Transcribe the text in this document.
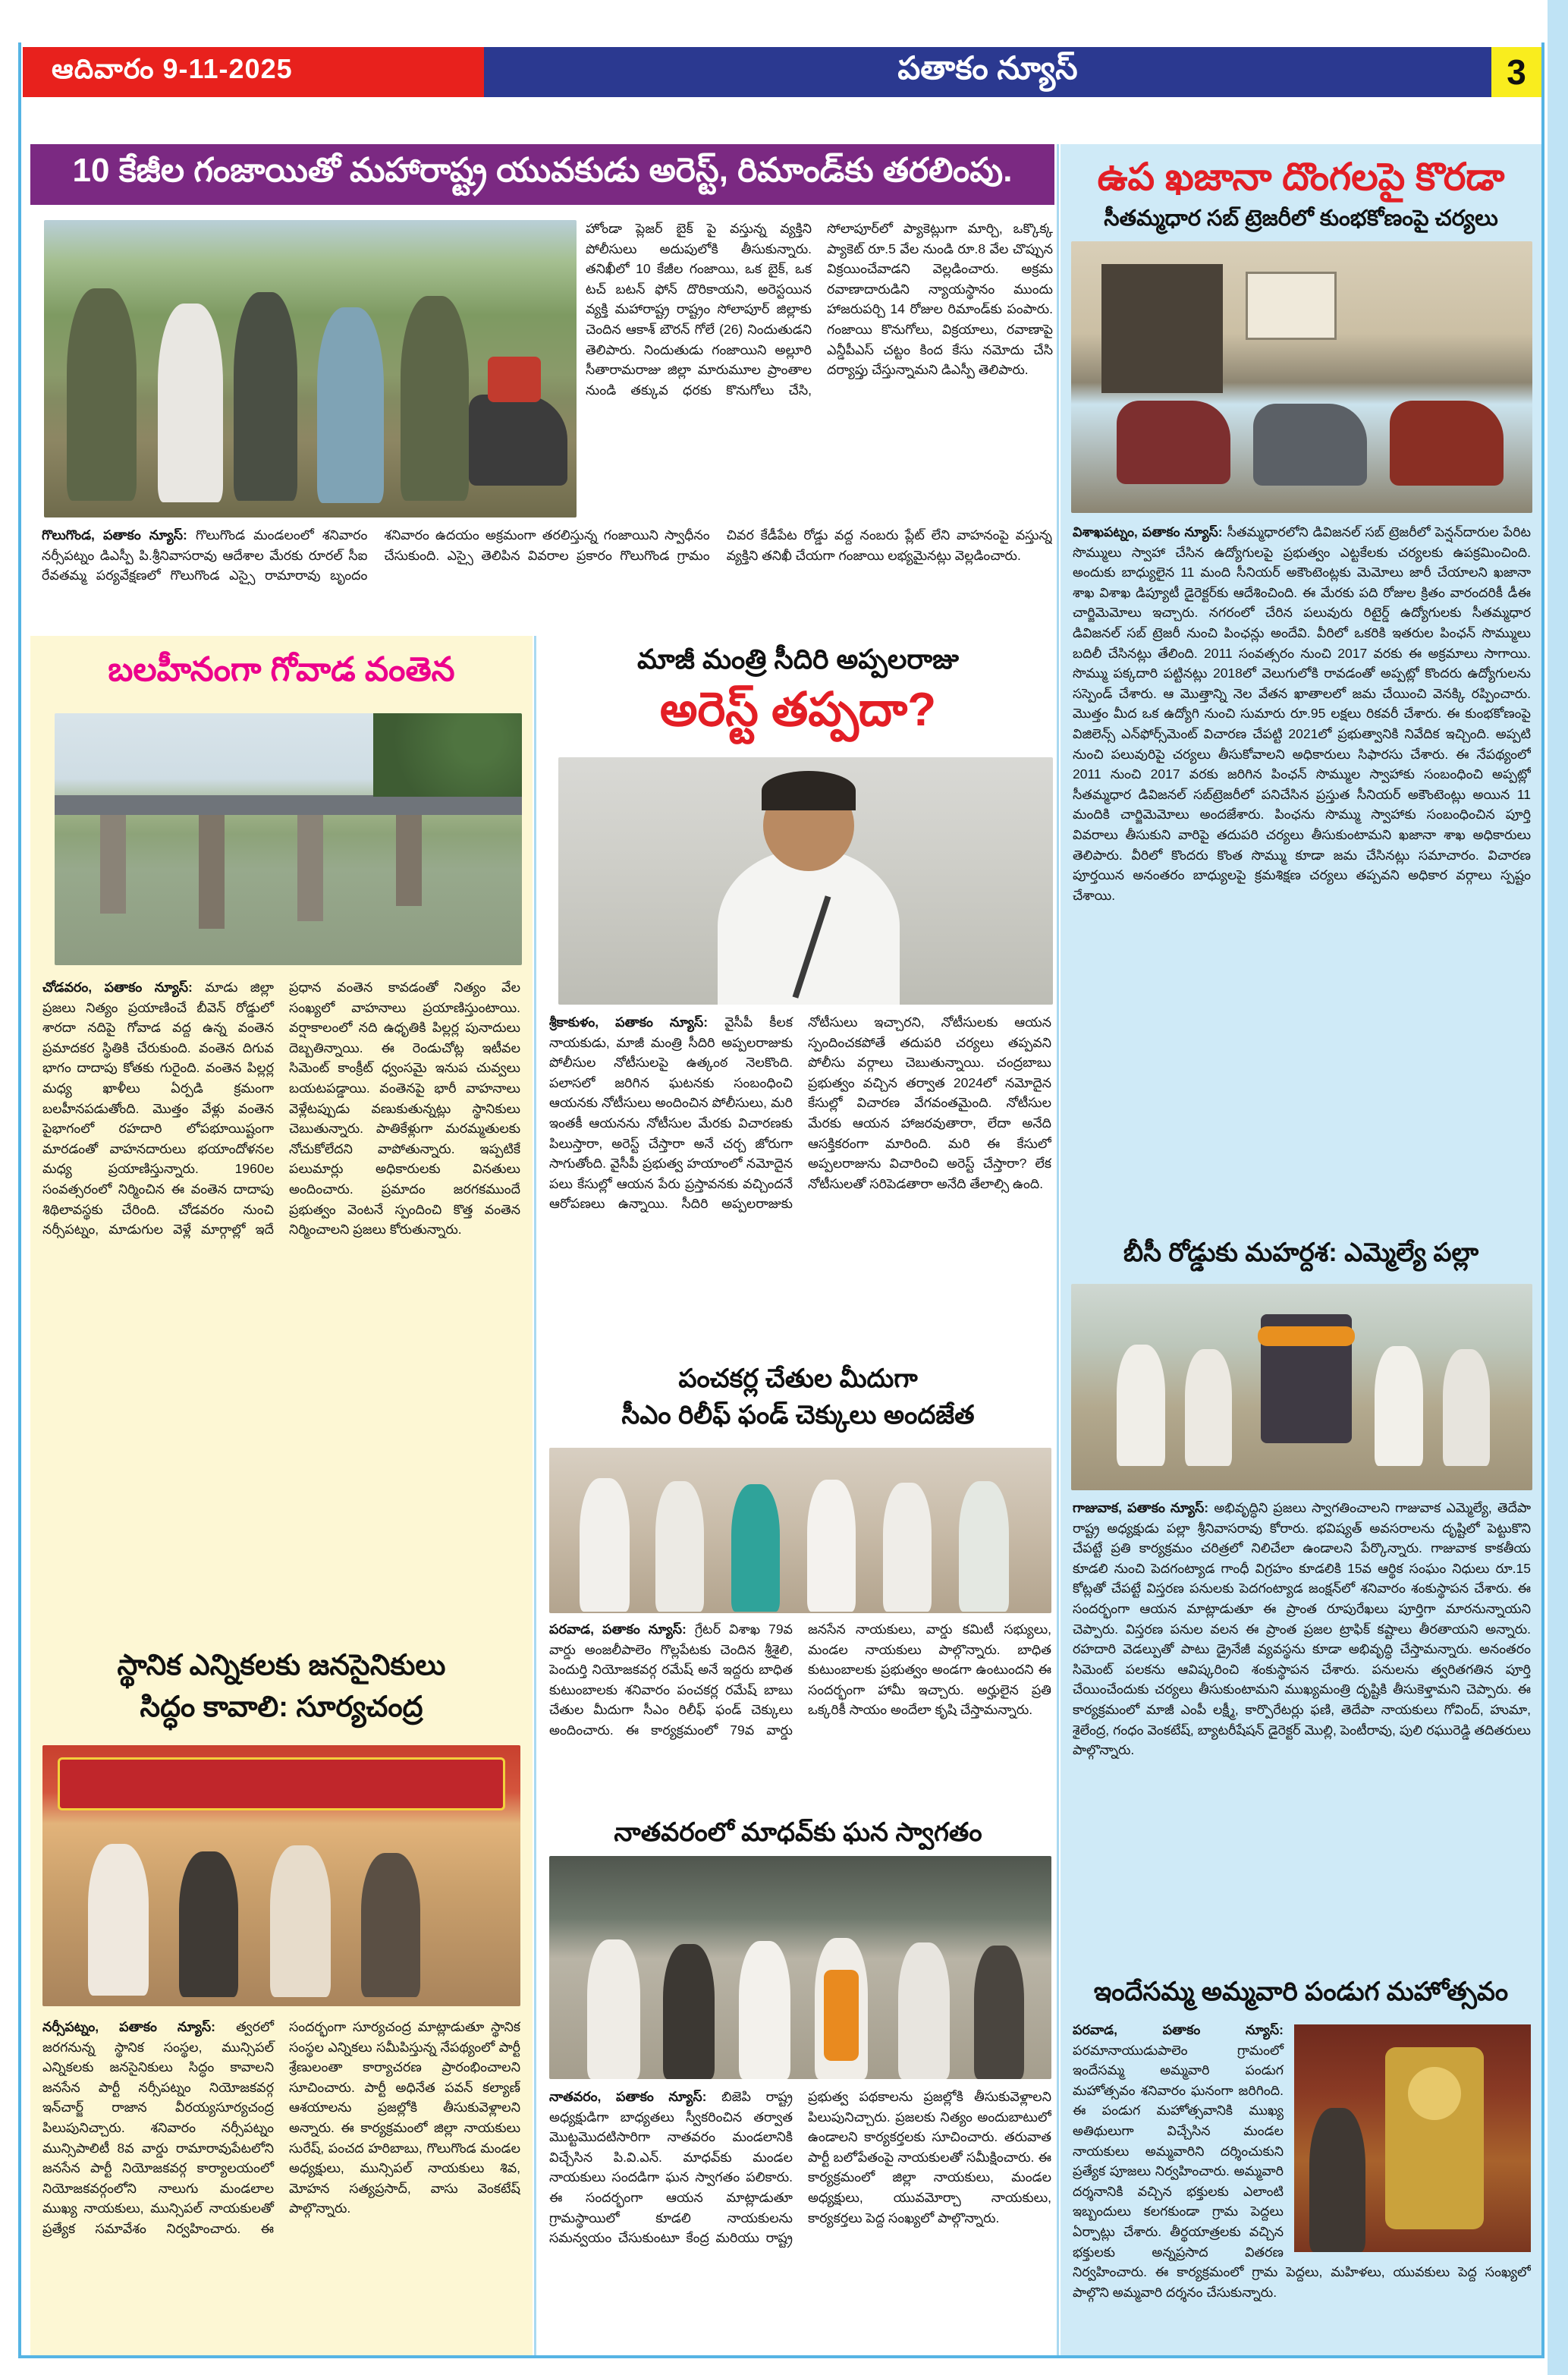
ఆదివారం 9-11-2025	పతాకం న్యూస్	3
10 కేజీల గంజాయితో మహారాష్ట్ర యువకుడు అరెస్ట్, రిమాండ్‌కు తరలింపు.
హోండా ప్లెజర్ బైక్ పై వస్తున్న వ్యక్తిని పోలీసులు అదుపులోకి తీసుకున్నారు. తనిఖీలో 10 కేజీల గంజాయి, ఒక బైక్, ఒక టచ్ బటన్ ఫోన్ దొరికాయని, అరెస్టయిన వ్యక్తి మహారాష్ట్ర రాష్ట్రం సోలాపూర్ జిల్లాకు చెందిన ఆకాశ్ బౌరన్ గోలే (26) నిందుతుడని తెలిపారు. నిందుతుడు గంజాయిని అల్లూరి సీతారామరాజు జిల్లా మారుమూల ప్రాంతాల నుండి తక్కువ ధరకు కొనుగోలు చేసి, సోలాపూర్‌లో ప్యాకెట్లుగా మార్చి, ఒక్కొక్క ప్యాకెట్ రూ.5 వేల నుండి రూ.8 వేల చొప్పున విక్రయించేవాడని వెల్లడించారు. అక్రమ రవాణాదారుడిని న్యాయస్థానం ముందు హాజరుపర్చి 14 రోజుల రిమాండ్‌కు పంపారు. గంజాయి కొనుగోలు, విక్రయాలు, రవాణాపై ఎన్డీపీఎస్ చట్టం కింద కేసు నమోదు చేసి దర్యాప్తు చేస్తున్నామని డిఎస్పీ తెలిపారు.
గొలుగొండ, పతాకం న్యూస్: గొలుగొండ మండలంలో శనివారం నర్సీపట్నం డిఎస్పీ పి.శ్రీనివాసరావు ఆదేశాల మేరకు రూరల్ సీఐ రేవతమ్మ పర్యవేక్షణలో గొలుగొండ ఎస్సై రామారావు బృందం శనివారం ఉదయం అక్రమంగా తరలిస్తున్న గంజాయిని స్వాధీనం చేసుకుంది. ఎస్సై తెలిపిన వివరాల ప్రకారం గొలుగొండ గ్రామం చివర కేడీపేట రోడ్డు వద్ద నంబరు ప్లేట్ లేని వాహనంపై వస్తున్న వ్యక్తిని తనిఖీ చేయగా గంజాయి లభ్యమైనట్లు వెల్లడించారు.
బలహీనంగా గోవాడ వంతెన
చోడవరం, పతాకం న్యూస్: మాడు జిల్లా ప్రజలు నిత్యం ప్రయాణించే బీవెన్ రోడ్డులో శారదా నదిపై గోవాడ వద్ద ఉన్న వంతెన ప్రమాదకర స్థితికి చేరుకుంది. వంతెన దిగువ భాగం దాదాపు కోతకు గురైంది. వంతెన పిల్లర్ల మధ్య ఖాళీలు ఏర్పడి క్రమంగా బలహీనపడుతోంది. మొత్తం వేళ్లు వంతెన పైభాగంలో రహదారి లోపభూయిష్టంగా మారడంతో వాహనదారులు భయాందోళనల మధ్య ప్రయాణిస్తున్నారు. 1960ల సంవత్సరంలో నిర్మించిన ఈ వంతెన దాదాపు శిథిలావస్థకు చేరింది. చోడవరం నుంచి నర్సీపట్నం, మాడుగుల వెళ్లే మార్గాల్లో ఇదే ప్రధాన వంతెన కావడంతో నిత్యం వేల సంఖ్యలో వాహనాలు ప్రయాణిస్తుంటాయి. వర్షాకాలంలో నది ఉధృతికి పిల్లర్ల పునాదులు దెబ్బతిన్నాయి. ఈ రెండుచోట్ల ఇటీవల సిమెంట్ కాంక్రీట్ ధ్వంసమై ఇనుప చువ్వలు బయటపడ్డాయి. వంతెనపై భారీ వాహనాలు వెళ్లేటప్పుడు వణుకుతున్నట్లు స్థానికులు చెబుతున్నారు. పాతికేళ్లుగా మరమ్మతులకు నోచుకోలేదని వాపోతున్నారు. ఇప్పటికే పలుమార్లు అధికారులకు వినతులు అందించారు. ప్రమాదం జరగకముందే ప్రభుత్వం వెంటనే స్పందించి కొత్త వంతెన నిర్మించాలని ప్రజలు కోరుతున్నారు.
స్థానిక ఎన్నికలకు జనసైనికులు
సిద్ధం కావాలి: సూర్యచంద్ర
నర్సీపట్నం, పతాకం న్యూస్: త్వరలో జరగనున్న స్థానిక సంస్థల, మున్సిపల్ ఎన్నికలకు జనసైనికులు సిద్ధం కావాలని జనసేన పార్టీ నర్సీపట్నం నియోజకవర్గ ఇన్‌చార్జ్ రాజాన వీరయ్యసూర్యచంద్ర పిలుపునిచ్చారు. శనివారం నర్సీపట్నం మున్సిపాలిటీ 8వ వార్డు రామారావుపేటలోని జనసేన పార్టీ నియోజకవర్గ కార్యాలయంలో నియోజకవర్గంలోని నాలుగు మండలాల ముఖ్య నాయకులు, మున్సిపల్ నాయకులతో ప్రత్యేక సమావేశం నిర్వహించారు. ఈ సందర్భంగా సూర్యచంద్ర మాట్లాడుతూ స్థానిక సంస్థల ఎన్నికలు సమీపిస్తున్న నేపథ్యంలో పార్టీ శ్రేణులంతా కార్యాచరణ ప్రారంభించాలని సూచించారు. పార్టీ అధినేత పవన్ కల్యాణ్ ఆశయాలను ప్రజల్లోకి తీసుకువెళ్లాలని అన్నారు. ఈ కార్యక్రమంలో జిల్లా నాయకులు సురేష్, పంచద హరిబాబు, గొలుగొండ మండల అధ్యక్షులు, మున్సిపల్ నాయకులు శివ, మోహన సత్యప్రసాద్, వాసు వెంకటేష్ పాల్గొన్నారు.
మాజీ మంత్రి సీదిరి అప్పలరాజు
అరెస్ట్ తప్పదా?
శ్రీకాకుళం, పతాకం న్యూస్: వైసీపీ కీలక నాయకుడు, మాజీ మంత్రి సీదిరి అప్పలరాజుకు పోలీసుల నోటీసులపై ఉత్కంఠ నెలకొంది. పలాసలో జరిగిన ఘటనకు సంబంధించి ఆయనకు నోటీసులు అందించిన పోలీసులు, మరి ఇంతకీ ఆయనను నోటీసుల మేరకు విచారణకు పిలుస్తారా, అరెస్ట్ చేస్తారా అనే చర్చ జోరుగా సాగుతోంది. వైసీపీ ప్రభుత్వ హయాంలో నమోదైన పలు కేసుల్లో ఆయన పేరు ప్రస్తావనకు వచ్చిందనే ఆరోపణలు ఉన్నాయి. సీదిరి అప్పలరాజుకు నోటీసులు ఇచ్చారని, నోటీసులకు ఆయన స్పందించకపోతే తదుపరి చర్యలు తప్పవని పోలీసు వర్గాలు చెబుతున్నాయి. చంద్రబాబు ప్రభుత్వం వచ్చిన తర్వాత 2024లో నమోదైన కేసుల్లో విచారణ వేగవంతమైంది. నోటీసుల మేరకు ఆయన హాజరవుతారా, లేదా అనేది ఆసక్తికరంగా మారింది. మరి ఈ కేసులో అప్పలరాజును విచారించి అరెస్ట్ చేస్తారా? లేక నోటీసులతో సరిపెడతారా అనేది తేలాల్సి ఉంది.
పంచకర్ల చేతుల మీదుగా
సీఎం రిలీఫ్ ఫండ్ చెక్కులు అందజేత
పరవాడ, పతాకం న్యూస్: గ్రేటర్ విశాఖ 79వ వార్డు అంజలీపాలెం గొల్లపేటకు చెందిన శ్రీశైలి, పెందుర్తి నియోజకవర్గ రమేష్ అనే ఇద్దరు బాధిత కుటుంబాలకు శనివారం పంచకర్ల రమేష్ బాబు చేతుల మీదుగా సీఎం రిలీఫ్ ఫండ్ చెక్కులు అందించారు. ఈ కార్యక్రమంలో 79వ వార్డు జనసేన నాయకులు, వార్డు కమిటీ సభ్యులు, మండల నాయకులు పాల్గొన్నారు. బాధిత కుటుంబాలకు ప్రభుత్వం అండగా ఉంటుందని ఈ సందర్భంగా హామీ ఇచ్చారు. అర్హులైన ప్రతి ఒక్కరికీ సాయం అందేలా కృషి చేస్తామన్నారు.
నాతవరంలో మాధవ్‌కు ఘన స్వాగతం
నాతవరం, పతాకం న్యూస్: బిజెపి రాష్ట్ర అధ్యక్షుడిగా బాధ్యతలు స్వీకరించిన తర్వాత మొట్టమొదటిసారిగా నాతవరం మండలానికి విచ్చేసిన పి.వి.ఎన్. మాధవ్‌కు మండల నాయకులు సందడిగా ఘన స్వాగతం పలికారు. ఈ సందర్భంగా ఆయన మాట్లాడుతూ గ్రామస్థాయిలో కూడలి నాయకులను సమన్వయం చేసుకుంటూ కేంద్ర మరియు రాష్ట్ర ప్రభుత్వ పథకాలను ప్రజల్లోకి తీసుకువెళ్లాలని పిలుపునిచ్చారు. ప్రజలకు నిత్యం అందుబాటులో ఉండాలని కార్యకర్తలకు సూచించారు. తరువాత పార్టీ బలోపేతంపై నాయకులతో సమీక్షించారు. ఈ కార్యక్రమంలో జిల్లా నాయకులు, మండల అధ్యక్షులు, యువమోర్చా నాయకులు, కార్యకర్తలు పెద్ద సంఖ్యలో పాల్గొన్నారు.
ఉప ఖజానా దొంగలపై కొరడా
సీతమ్మధార సబ్ ట్రెజరీలో కుంభకోణంపై చర్యలు
విశాఖపట్నం, పతాకం న్యూస్: సీతమ్మధారలోని డివిజనల్ సబ్ ట్రెజరీలో పెన్షన్‌దారుల పేరిట సొమ్ములు స్వాహా చేసిన ఉద్యోగులపై ప్రభుత్వం ఎట్టకేలకు చర్యలకు ఉపక్రమించింది. అందుకు బాధ్యులైన 11 మంది సీనియర్ అకౌంటెంట్లకు మెమోలు జారీ చేయాలని ఖజానా శాఖ విశాఖ డిప్యూటీ డైరెక్టర్‌కు ఆదేశించింది. ఈ మేరకు పది రోజుల క్రితం వారందరికీ డీఈ చార్జిమెమోలు ఇచ్చారు. నగరంలో చేరిన పలువురు రిటైర్డ్ ఉద్యోగులకు సీతమ్మధార డివిజనల్ సబ్ ట్రెజరీ నుంచి పింఛన్లు అందేవి. వీరిలో ఒకరికి ఇతరుల పింఛన్ సొమ్ములు బదిలీ చేసినట్లు తేలింది. 2011 సంవత్సరం నుంచి 2017 వరకు ఈ అక్రమాలు సాగాయి. సొమ్ము పక్కదారి పట్టినట్లు 2018లో వెలుగులోకి రావడంతో అప్పట్లో కొందరు ఉద్యోగులను సస్పెండ్ చేశారు. ఆ మొత్తాన్ని నెల వేతన ఖాతాలలో జమ చేయించి వెనక్కి రప్పించారు. మొత్తం మీద ఒక ఉద్యోగి నుంచి సుమారు రూ.95 లక్షలు రికవరీ చేశారు. ఈ కుంభకోణంపై విజిలెన్స్ ఎన్‌ఫోర్స్‌మెంట్ విచారణ చేపట్టి 2021లో ప్రభుత్వానికి నివేదిక ఇచ్చింది. అప్పటి నుంచి పలువురిపై చర్యలు తీసుకోవాలని అధికారులు సిఫారసు చేశారు. ఈ నేపథ్యంలో 2011 నుంచి 2017 వరకు జరిగిన పింఛన్ సొమ్ముల స్వాహాకు సంబంధించి అప్పట్లో సీతమ్మధార డివిజనల్ సబ్‌ట్రెజరీలో పనిచేసిన ప్రస్తుత సీనియర్ అకౌంటెంట్లు అయిన 11 మందికి చార్జిమెమోలు అందజేశారు. పింఛను సొమ్ము స్వాహాకు సంబంధించిన పూర్తి వివరాలు తీసుకుని వారిపై తదుపరి చర్యలు తీసుకుంటామని ఖజానా శాఖ అధికారులు తెలిపారు. వీరిలో కొందరు కొంత సొమ్ము కూడా జమ చేసినట్లు సమాచారం. విచారణ పూర్తయిన అనంతరం బాధ్యులపై క్రమశిక్షణ చర్యలు తప్పవని అధికార వర్గాలు స్పష్టం చేశాయి.
బీసీ రోడ్డుకు మహర్దశ: ఎమ్మెల్యే పల్లా
గాజువాక, పతాకం న్యూస్: అభివృద్ధిని ప్రజలు స్వాగతించాలని గాజువాక ఎమ్మెల్యే, తెదేపా రాష్ట్ర అధ్యక్షుడు పల్లా శ్రీనివాసరావు కోరారు. భవిష్యత్ అవసరాలను దృష్టిలో పెట్టుకొని చేపట్టే ప్రతి కార్యక్రమం చరిత్రలో నిలిచేలా ఉండాలని పేర్కొన్నారు. గాజువాక కాకతీయ కూడలి నుంచి పెదగంట్యాడ గాంధీ విగ్రహం కూడలికి 15వ ఆర్థిక సంఘం నిధులు రూ.15 కోట్లతో చేపట్టే విస్తరణ పనులకు పెదగంట్యాడ జంక్షన్‌లో శనివారం శంకుస్థాపన చేశారు. ఈ సందర్భంగా ఆయన మాట్లాడుతూ ఈ ప్రాంత రూపురేఖలు పూర్తిగా మారనున్నాయని చెప్పారు. విస్తరణ పనుల వలన ఈ ప్రాంత ప్రజల ట్రాఫిక్ కష్టాలు తీరతాయని అన్నారు. రహదారి వెడల్పుతో పాటు డ్రైనేజీ వ్యవస్థను కూడా అభివృద్ధి చేస్తామన్నారు. అనంతరం సిమెంట్ పలకను ఆవిష్కరించి శంకుస్థాపన చేశారు. పనులను త్వరితగతిన పూర్తి చేయించేందుకు చర్యలు తీసుకుంటామని ముఖ్యమంత్రి దృష్టికి తీసుకెళ్తామని చెప్పారు. ఈ కార్యక్రమంలో మాజీ ఎంపీ లక్ష్మీ, కార్పొరేటర్లు ఫణి, తెదేపా నాయకులు గోవింద్, హుమా, శైలేంద్ర, గంధం వెంకటేష్, బ్యాటరీషేషన్ డైరెక్టర్ మొల్లి, పెంటీరావు, పులి రఘురెడ్డి తదితరులు పాల్గొన్నారు.
ఇందేసమ్మ అమ్మవారి పండుగ మహోత్సవం
పరవాడ, పతాకం న్యూస్:పరమానాయుడుపాలెం గ్రామంలో ఇందేసమ్మ అమ్మవారి పండుగ మహోత్సవం శనివారం ఘనంగా జరిగింది. ఈ పండుగ మహోత్సవానికి ముఖ్య అతిథులుగా విచ్చేసిన మండల నాయకులు అమ్మవారిని దర్శించుకుని ప్రత్యేక పూజలు నిర్వహించారు. అమ్మవారి దర్శనానికి వచ్చిన భక్తులకు ఎలాంటి ఇబ్బందులు కలగకుండా గ్రామ పెద్దలు ఏర్పాట్లు చేశారు. తీర్థయాత్రలకు వచ్చిన భక్తులకు అన్నప్రసాద వితరణ నిర్వహించారు. ఈ కార్యక్రమంలో గ్రామ పెద్దలు, మహిళలు, యువకులు పెద్ద సంఖ్యలో పాల్గొని అమ్మవారి దర్శనం చేసుకున్నారు.
